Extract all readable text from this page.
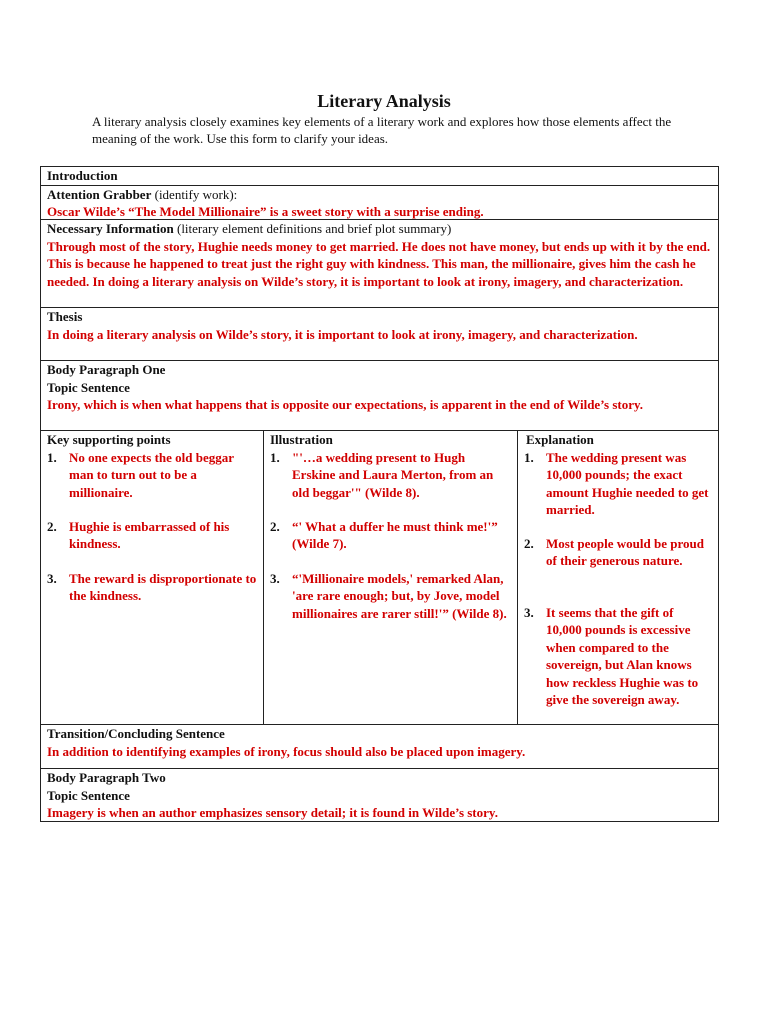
Literary Analysis
A literary analysis closely examines key elements of a literary work and explores how those elements affect the meaning of the work. Use this form to clarify your ideas.
Introduction
Attention Grabber (identify work):
Oscar Wilde’s “The Model Millionaire” is a sweet story with a surprise ending.
Necessary Information (literary element definitions and brief plot summary)
Through most of the story, Hughie needs money to get married. He does not have money, but ends up with it by the end. This is because he happened to treat just the right guy with kindness. This man, the millionaire, gives him the cash he needed. In doing a literary analysis on Wilde’s story, it is important to look at irony, imagery, and characterization.
Thesis
In doing a literary analysis on Wilde’s story, it is important to look at irony, imagery, and characterization.
Body Paragraph One
Topic Sentence
Irony, which is when what happens that is opposite our expectations, is apparent in the end of Wilde’s story.
Key supporting points
1. No one expects the old beggar man to turn out to be a millionaire.
2. Hughie is embarrassed of his kindness.
3. The reward is disproportionate to the kindness.
Illustration
1. "'…a wedding present to Hugh Erskine and Laura Merton, from an old beggar'" (Wilde 8).
2. “' What a duffer he must think me!'” (Wilde 7).
3. “'Millionaire models,' remarked Alan, 'are rare enough; but, by Jove, model millionaires are rarer still!'” (Wilde 8).
Explanation
1. The wedding present was 10,000 pounds; the exact amount Hughie needed to get married.
2. Most people would be proud of their generous nature.
3. It seems that the gift of 10,000 pounds is excessive when compared to the sovereign, but Alan knows how reckless Hughie was to give the sovereign away.
Transition/Concluding Sentence
In addition to identifying examples of irony, focus should also be placed upon imagery.
Body Paragraph Two
Topic Sentence
Imagery is when an author emphasizes sensory detail; it is found in Wilde’s story.
